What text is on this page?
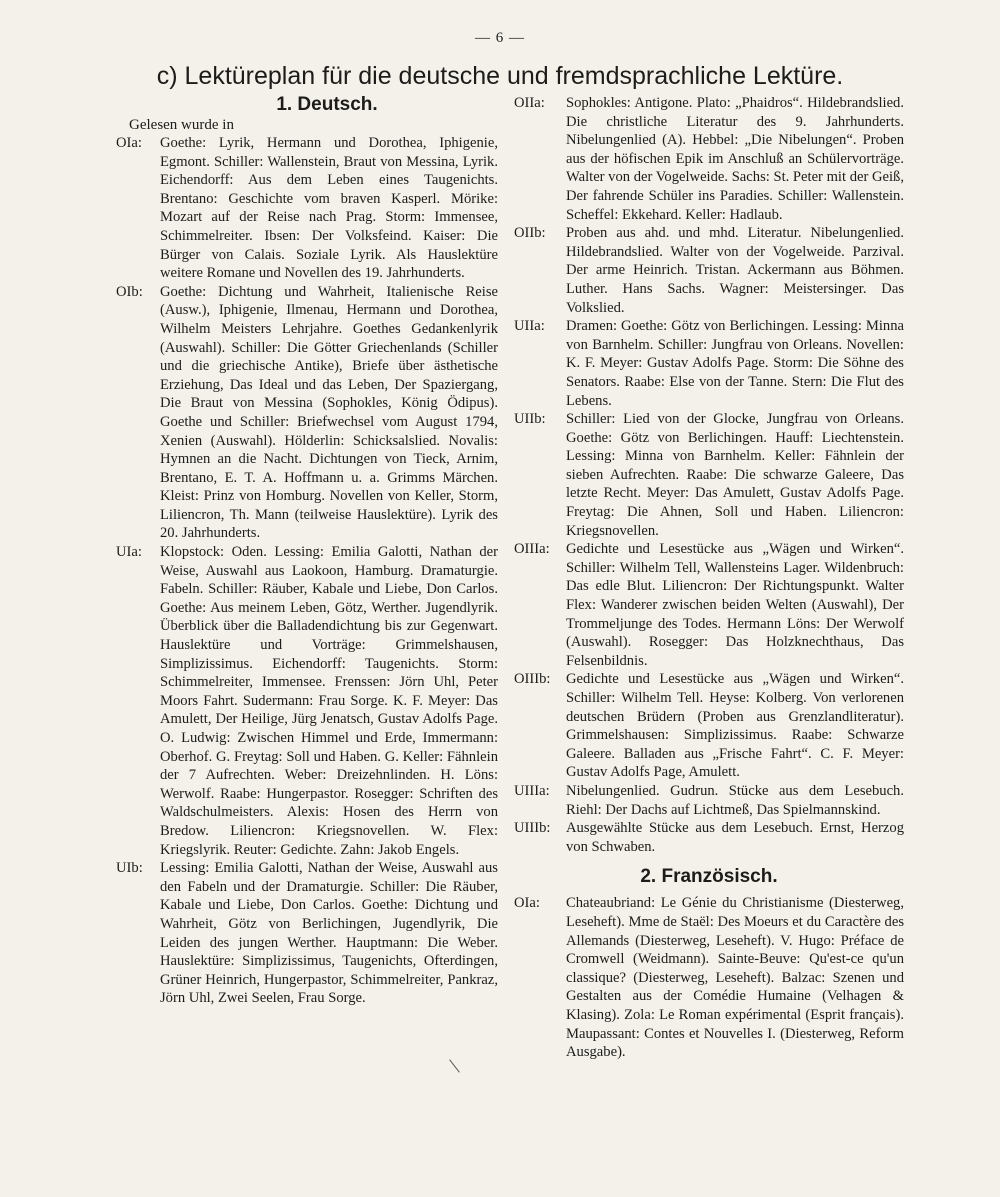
— 6 —
c) Lektüreplan für die deutsche und fremdsprachliche Lektüre.
1. Deutsch.
Gelesen wurde in
OIa:	Goethe: Lyrik, Hermann und Dorothea, Iphigenie, Egmont. Schiller: Wallenstein, Braut von Messina, Lyrik. Eichendorff: Aus dem Leben eines Taugenichts. Brentano: Geschichte vom braven Kasperl. Mörike: Mozart auf der Reise nach Prag. Storm: Immensee, Schimmelreiter. Ibsen: Der Volksfeind. Kaiser: Die Bürger von Calais. Soziale Lyrik. Als Hauslektüre weitere Romane und Novellen des 19. Jahrhunderts.
OIb:	Goethe: Dichtung und Wahrheit, Italienische Reise (Ausw.), Iphigenie, Ilmenau, Hermann und Dorothea, Wilhelm Meisters Lehrjahre. Goethes Gedankenlyrik (Auswahl). Schiller: Die Götter Griechenlands (Schiller und die griechische Antike), Briefe über ästhetische Erziehung, Das Ideal und das Leben, Der Spaziergang, Die Braut von Messina (Sophokles, König Ödipus). Goethe und Schiller: Briefwechsel vom August 1794, Xenien (Auswahl). Hölderlin: Schicksalslied. Novalis: Hymnen an die Nacht. Dichtungen von Tieck, Arnim, Brentano, E. T. A. Hoffmann u. a. Grimms Märchen. Kleist: Prinz von Homburg. Novellen von Keller, Storm, Liliencron, Th. Mann (teilweise Hauslektüre). Lyrik des 20. Jahrhunderts.
UIa:	Klopstock: Oden. Lessing: Emilia Galotti, Nathan der Weise, Auswahl aus Laokoon, Hamburg. Dramaturgie. Fabeln. Schiller: Räuber, Kabale und Liebe, Don Carlos. Goethe: Aus meinem Leben, Götz, Werther. Jugendlyrik. Überblick über die Balladendichtung bis zur Gegenwart. Hauslektüre und Vorträge: Grimmelshausen, Simplizissimus. Eichendorff: Taugenichts. Storm: Schimmelreiter, Immensee. Frenssen: Jörn Uhl, Peter Moors Fahrt. Sudermann: Frau Sorge. K. F. Meyer: Das Amulett, Der Heilige, Jürg Jenatsch, Gustav Adolfs Page. O. Ludwig: Zwischen Himmel und Erde, Immermann: Oberhof. G. Freytag: Soll und Haben. G. Keller: Fähnlein der 7 Aufrechten. Weber: Dreizehnlinden. H. Löns: Werwolf. Raabe: Hungerpastor. Rosegger: Schriften des Waldschulmeisters. Alexis: Hosen des Herrn von Bredow. Liliencron: Kriegsnovellen. W. Flex: Kriegslyrik. Reuter: Gedichte. Zahn: Jakob Engels.
UIb:	Lessing: Emilia Galotti, Nathan der Weise, Auswahl aus den Fabeln und der Dramaturgie. Schiller: Die Räuber, Kabale und Liebe, Don Carlos. Goethe: Dichtung und Wahrheit, Götz von Berlichingen, Jugendlyrik, Die Leiden des jungen Werther. Hauptmann: Die Weber. Hauslektüre: Simplizissimus, Taugenichts, Ofterdingen, Grüner Heinrich, Hungerpastor, Schimmelreiter, Pankraz, Jörn Uhl, Zwei Seelen, Frau Sorge.
OIIa:	Sophokles: Antigone. Plato: „Phaidros“. Hildebrandslied. Die christliche Literatur des 9. Jahrhunderts. Nibelungenlied (A). Hebbel: „Die Nibelungen“. Proben aus der höfischen Epik im Anschluß an Schülervorträge. Walter von der Vogelweide. Sachs: St. Peter mit der Geiß, Der fahrende Schüler ins Paradies. Schiller: Wallenstein. Scheffel: Ekkehard. Keller: Hadlaub.
OIIb:	Proben aus ahd. und mhd. Literatur. Nibelungenlied. Hildebrandslied. Walter von der Vogelweide. Parzival. Der arme Heinrich. Tristan. Ackermann aus Böhmen. Luther. Hans Sachs. Wagner: Meistersinger. Das Volkslied.
UIIa:	Dramen: Goethe: Götz von Berlichingen. Lessing: Minna von Barnhelm. Schiller: Jungfrau von Orleans. Novellen: K. F. Meyer: Gustav Adolfs Page. Storm: Die Söhne des Senators. Raabe: Else von der Tanne. Stern: Die Flut des Lebens.
UIIb:	Schiller: Lied von der Glocke, Jungfrau von Orleans. Goethe: Götz von Berlichingen. Hauff: Liechtenstein. Lessing: Minna von Barnhelm. Keller: Fähnlein der sieben Aufrechten. Raabe: Die schwarze Galeere, Das letzte Recht. Meyer: Das Amulett, Gustav Adolfs Page. Freytag: Die Ahnen, Soll und Haben. Liliencron: Kriegsnovellen.
OIIIa:	Gedichte und Lesestücke aus „Wägen und Wirken“. Schiller: Wilhelm Tell, Wallensteins Lager. Wildenbruch: Das edle Blut. Liliencron: Der Richtungspunkt. Walter Flex: Wanderer zwischen beiden Welten (Auswahl), Der Trommeljunge des Todes. Hermann Löns: Der Werwolf (Auswahl). Rosegger: Das Holzknechthaus, Das Felsenbildnis.
OIIIb:	Gedichte und Lesestücke aus „Wägen und Wirken“. Schiller: Wilhelm Tell. Heyse: Kolberg. Von verlorenen deutschen Brüdern (Proben aus Grenzlandliteratur). Grimmelshausen: Simplizissimus. Raabe: Schwarze Galeere. Balladen aus „Frische Fahrt“. C. F. Meyer: Gustav Adolfs Page, Amulett.
UIIIa:	Nibelungenlied. Gudrun. Stücke aus dem Lesebuch. Riehl: Der Dachs auf Lichtmeß, Das Spielmannskind.
UIIIb:	Ausgewählte Stücke aus dem Lesebuch. Ernst, Herzog von Schwaben.
2. Französisch.
OIa:	Chateaubriand: Le Génie du Christianisme (Diesterweg, Leseheft). Mme de Staël: Des Moeurs et du Caractère des Allemands (Diesterweg, Leseheft). V. Hugo: Préface de Cromwell (Weidmann). Sainte-Beuve: Qu'est-ce qu'un classique? (Diesterweg, Leseheft). Balzac: Szenen und Gestalten aus der Comédie Humaine (Velhagen & Klasing). Zola: Le Roman expérimental (Esprit français). Maupassant: Contes et Nouvelles I. (Diesterweg, Reform Ausgabe).
